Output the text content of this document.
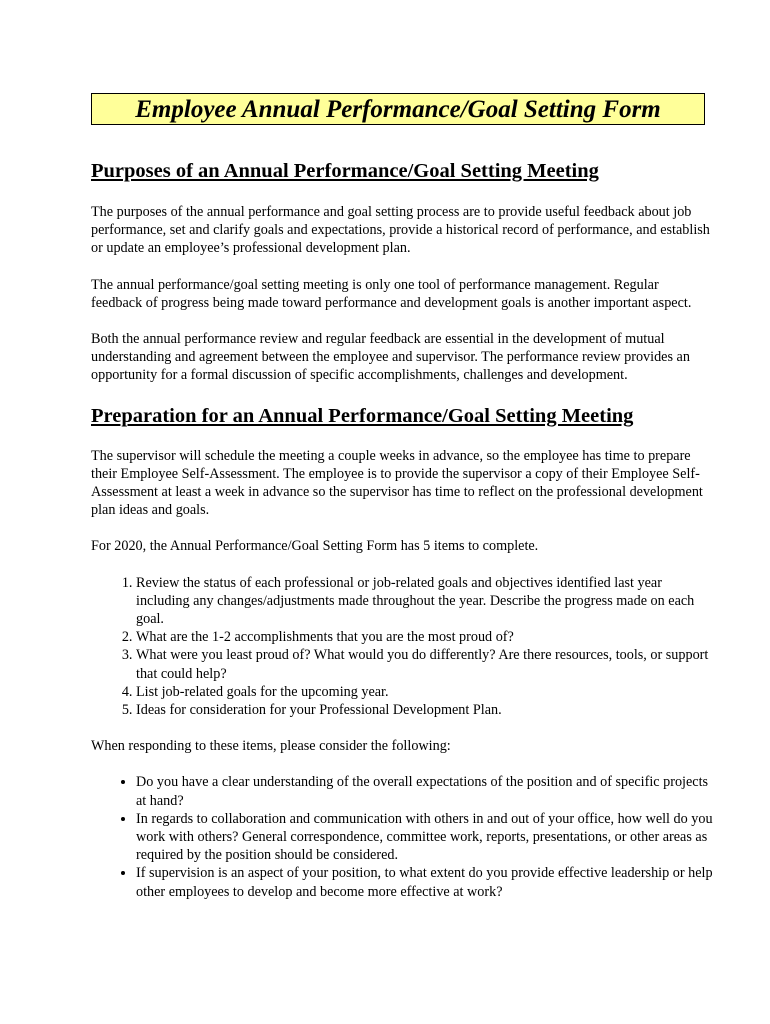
Employee Annual Performance/Goal Setting Form
Purposes of an Annual Performance/Goal Setting Meeting

The purposes of the annual performance and goal setting process are to provide useful feedback about job performance, set and clarify goals and expectations, provide a historical record of performance, and establish or update an employee’s professional development plan.

The annual performance/goal setting meeting is only one tool of performance management. Regular feedback of progress being made toward performance and development goals is another important aspect.

Both the annual performance review and regular feedback are essential in the development of mutual understanding and agreement between the employee and supervisor. The performance review provides an opportunity for a formal discussion of specific accomplishments, challenges and development.

Preparation for an Annual Performance/Goal Setting Meeting

The supervisor will schedule the meeting a couple weeks in advance, so the employee has time to prepare their Employee Self-Assessment. The employee is to provide the supervisor a copy of their Employee Self-Assessment at least a week in advance so the supervisor has time to reflect on the professional development plan ideas and goals.

For 2020, the Annual Performance/Goal Setting Form has 5 items to complete.

1. Review the status of each professional or job-related goals and objectives identified last year including any changes/adjustments made throughout the year. Describe the progress made on each goal.
2. What are the 1-2 accomplishments that you are the most proud of?
3. What were you least proud of? What would you do differently? Are there resources, tools, or support that could help?
4. List job-related goals for the upcoming year.
5. Ideas for consideration for your Professional Development Plan.

When responding to these items, please consider the following:

• Do you have a clear understanding of the overall expectations of the position and of specific projects at hand?
• In regards to collaboration and communication with others in and out of your office, how well do you work with others? General correspondence, committee work, reports, presentations, or other areas as required by the position should be considered.
• If supervision is an aspect of your position, to what extent do you provide effective leadership or help other employees to develop and become more effective at work?
